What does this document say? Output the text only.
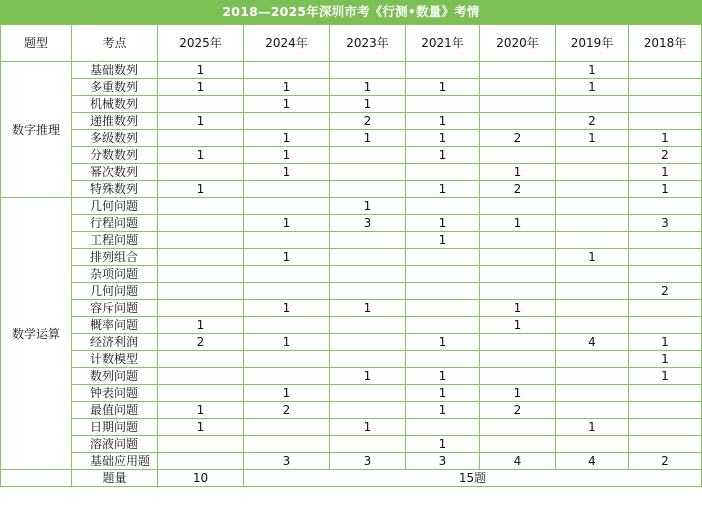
2018—2025年深圳市考《行测•数量》考情
题型	考点	2025年	2024年	2023年	2021年	2020年	2019年	2018年
数字推理	基础数列	1					1	
	多重数列	1	1	1	1		1	
	机械数列		1	1				
	递推数列	1		2	1		2	
	多级数列		1	1	1	2	1	1
	分数数列	1	1		1			2
	幂次数列		1			1		1
	特殊数列	1			1	2		1
数学运算	几何问题			1				
	行程问题		1	3	1	1		3
	工程问题				1			
	排列组合		1				1	
	杂项问题							
	几何问题							2
	容斥问题		1	1		1		
	概率问题	1				1		
	经济利润	2	1		1		4	1
	计数模型							1
	数列问题			1	1			1
	钟表问题		1		1	1		
	最值问题	1	2		1	2		
	日期问题	1		1			1	
	溶液问题				1			
	基础应用题		3	3	3	4	4	2
	题量	10	15题					
